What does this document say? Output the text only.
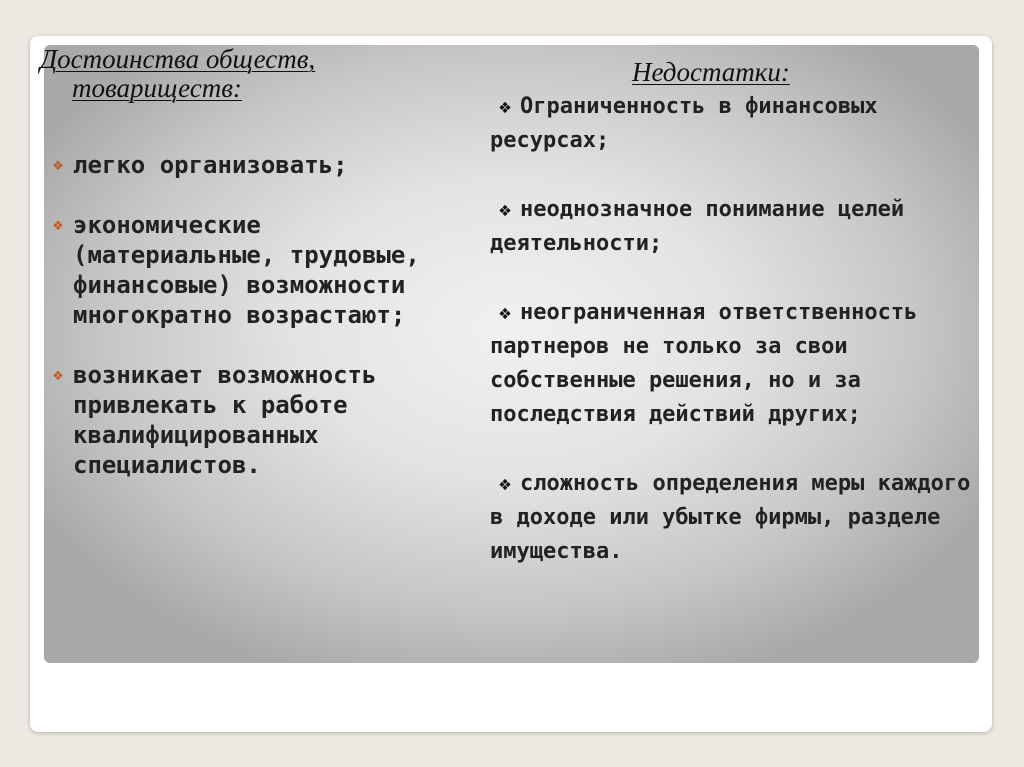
Достоинства обществ,
товариществ:
Недостатки:
❖ легко организовать;
❖ экономические (материальные, трудовые, финансовые) возможности многократно возрастают;
❖ возникает возможность привлекать к работе квалифицированных специалистов.
❖ Ограниченность в финансовых ресурсах;
❖ неоднозначное понимание целей деятельности;
❖ неограниченная ответственность партнеров не только за свои собственные решения, но и за последствия действий других;
❖ сложность определения меры каждого в доходе или убытке фирмы, разделе имущества.
